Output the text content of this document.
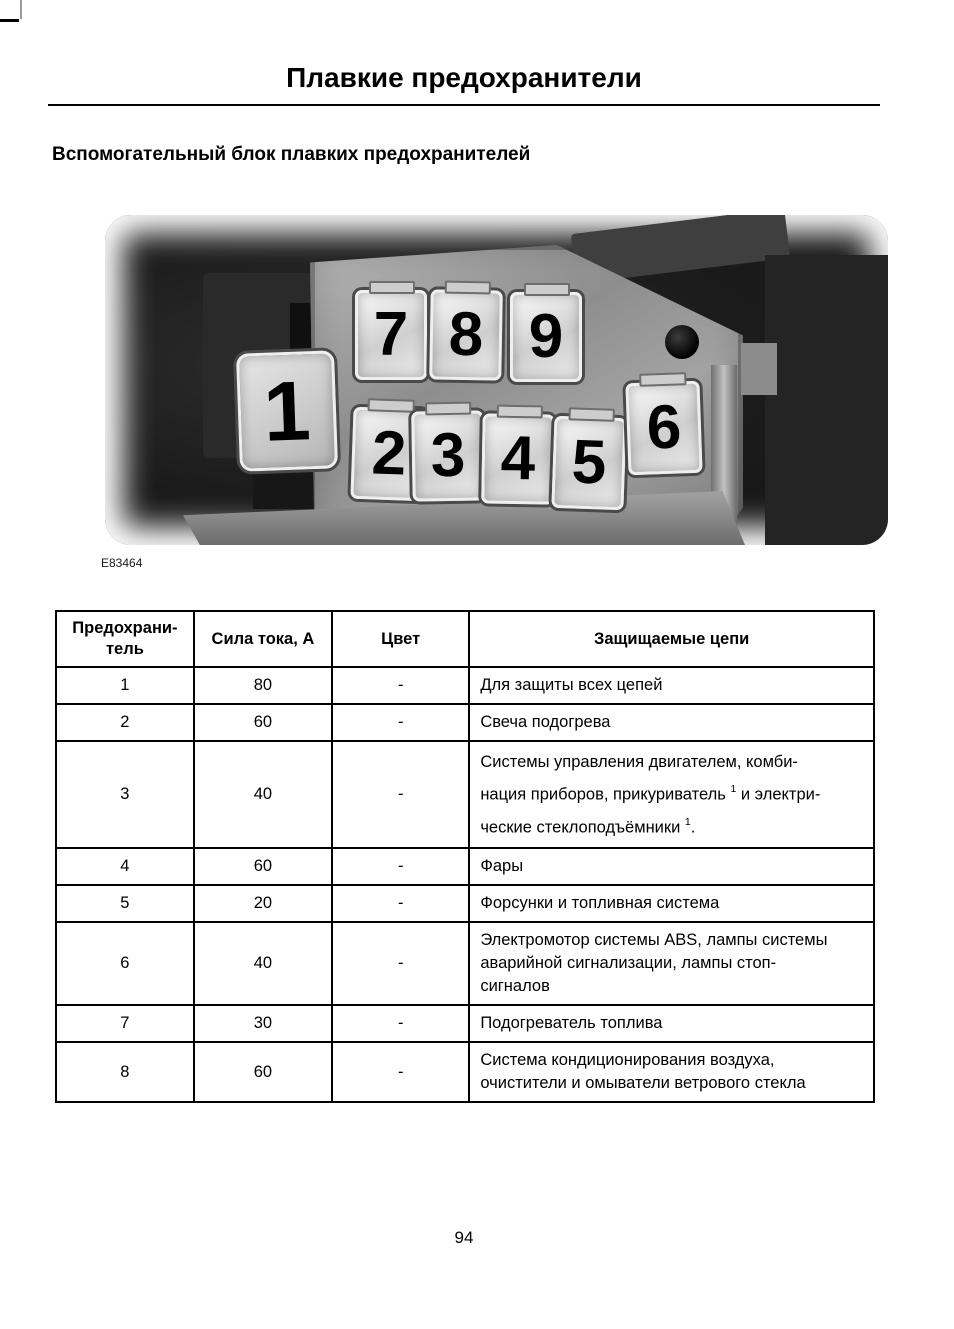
Плавкие предохранители
Вспомогательный блок плавких предохранителей
1 2 3 4 5 6
7 8 9
E83464
Предохрани-
тель	Сила тока, А	Цвет	Защищаемые цепи

1	80	-	Для защиты всех цепей

2	60	-	Свеча подогрева

3	40	-	Системы управления двигателем, комби-
нация приборов, прикуриватель $^1$ и электри-
ческие стеклоподъёмники $^1$.

4	60	-	Фары

5	20	-	Форсунки и топливная система

6	40	-	Электромотор системы ABS, лампы системы
аварийной сигнализации, лампы стоп-
сигналов

7	30	-	Подогреватель топлива

8	60	-	Система кондиционирования воздуха,
очистители и омыватели ветрового стекла
94
